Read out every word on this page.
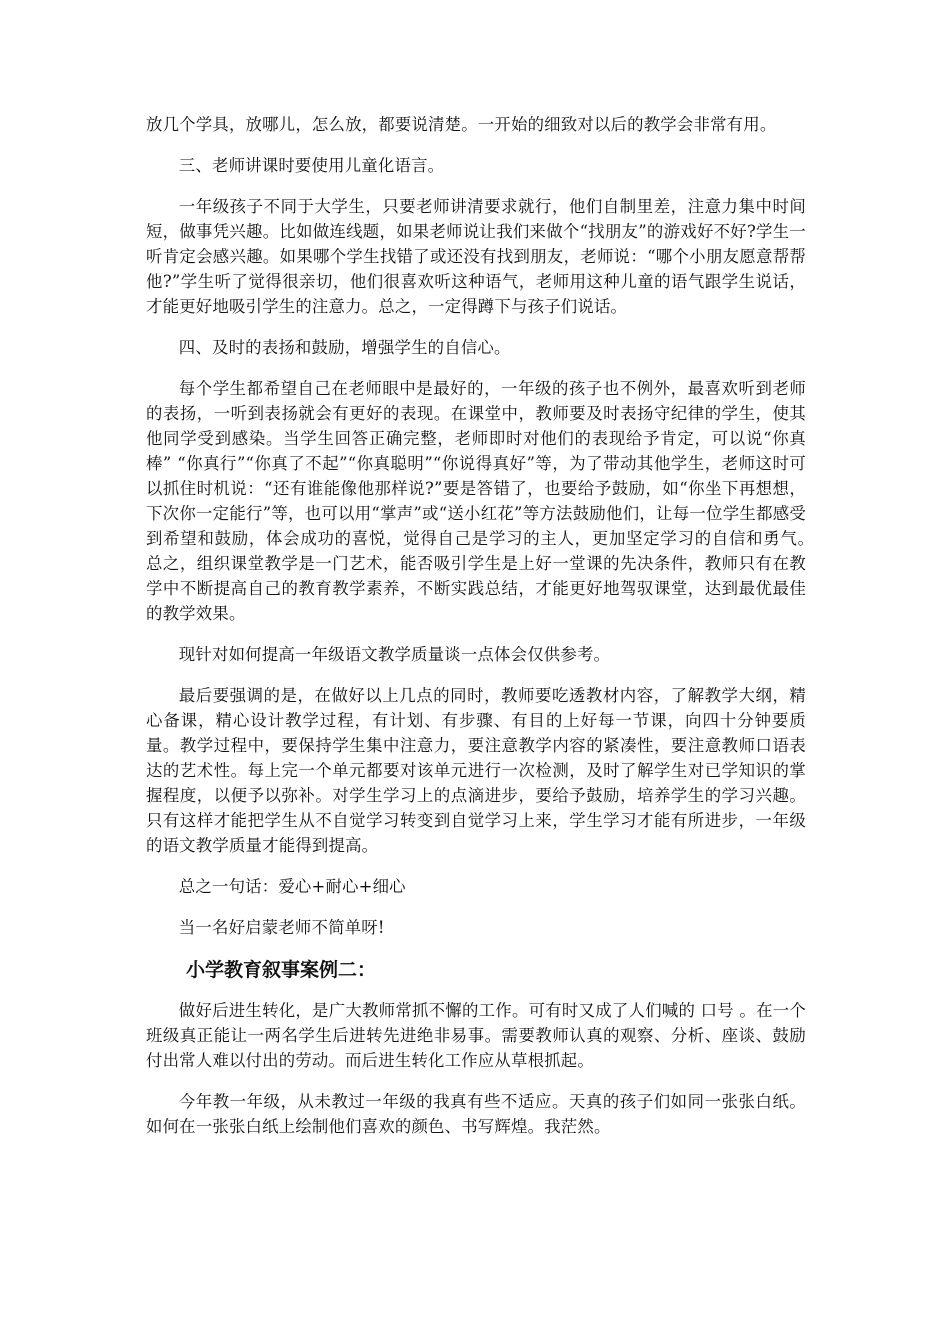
放几个学具，放哪儿，怎么放，都要说清楚。一开始的细致对以后的教学会非常有用。

三、老师讲课时要使用儿童化语言。

一年级孩子不同于大学生，只要老师讲清要求就行，他们自制里差，注意力集中时间短，做事凭兴趣。比如做连线题，如果老师说让我们来做个“找朋友”的游戏好不好?学生一听肯定会感兴趣。如果哪个学生找错了或还没有找到朋友，老师说：“哪个小朋友愿意帮帮他?”学生听了觉得很亲切，他们很喜欢听这种语气，老师用这种儿童的语气跟学生说话，才能更好地吸引学生的注意力。总之，一定得蹲下与孩子们说话。

四、及时的表扬和鼓励，增强学生的自信心。

每个学生都希望自己在老师眼中是最好的，一年级的孩子也不例外，最喜欢听到老师的表扬，一听到表扬就会有更好的表现。在课堂中，教师要及时表扬守纪律的学生，使其他同学受到感染。当学生回答正确完整，老师即时对他们的表现给予肯定，可以说“你真棒” “你真行”“你真了不起”“你真聪明”“你说得真好”等，为了带动其他学生，老师这时可以抓住时机说：“还有谁能像他那样说?”要是答错了，也要给予鼓励，如“你坐下再想想，下次你一定能行”等，也可以用“掌声”或“送小红花”等方法鼓励他们，让每一位学生都感受到希望和鼓励，体会成功的喜悦，觉得自己是学习的主人，更加坚定学习的自信和勇气。　　总之，组织课堂教学是一门艺术，能否吸引学生是上好一堂课的先决条件，教师只有在教学中不断提高自己的教育教学素养，不断实践总结，才能更好地驾驭课堂，达到最优最佳的教学效果。

现针对如何提高一年级语文教学质量谈一点体会仅供参考。

最后要强调的是，在做好以上几点的同时，教师要吃透教材内容，了解教学大纲，精心备课，精心设计教学过程，有计划、有步骤、有目的上好每一节课，向四十分钟要质量。教学过程中，要保持学生集中注意力，要注意教学内容的紧凑性，要注意教师口语表达的艺术性。每上完一个单元都要对该单元进行一次检测，及时了解学生对已学知识的掌握程度，以便予以弥补。对学生学习上的点滴进步，要给予鼓励，培养学生的学习兴趣。只有这样才能把学生从不自觉学习转变到自觉学习上来，学生学习才能有所进步，一年级的语文教学质量才能得到提高。

总之一句话：爱心+耐心+细心

当一名好启蒙老师不简单呀!

小学教育叙事案例二：

做好后进生转化，是广大教师常抓不懈的工作。可有时又成了人们喊的 口号 。在一个班级真正能让一两名学生后进转先进绝非易事。需要教师认真的观察、分析、座谈、鼓励付出常人难以付出的劳动。而后进生转化工作应从草根抓起。

今年教一年级，从未教过一年级的我真有些不适应。天真的孩子们如同一张张白纸。如何在一张张白纸上绘制他们喜欢的颜色、书写辉煌。我茫然。
